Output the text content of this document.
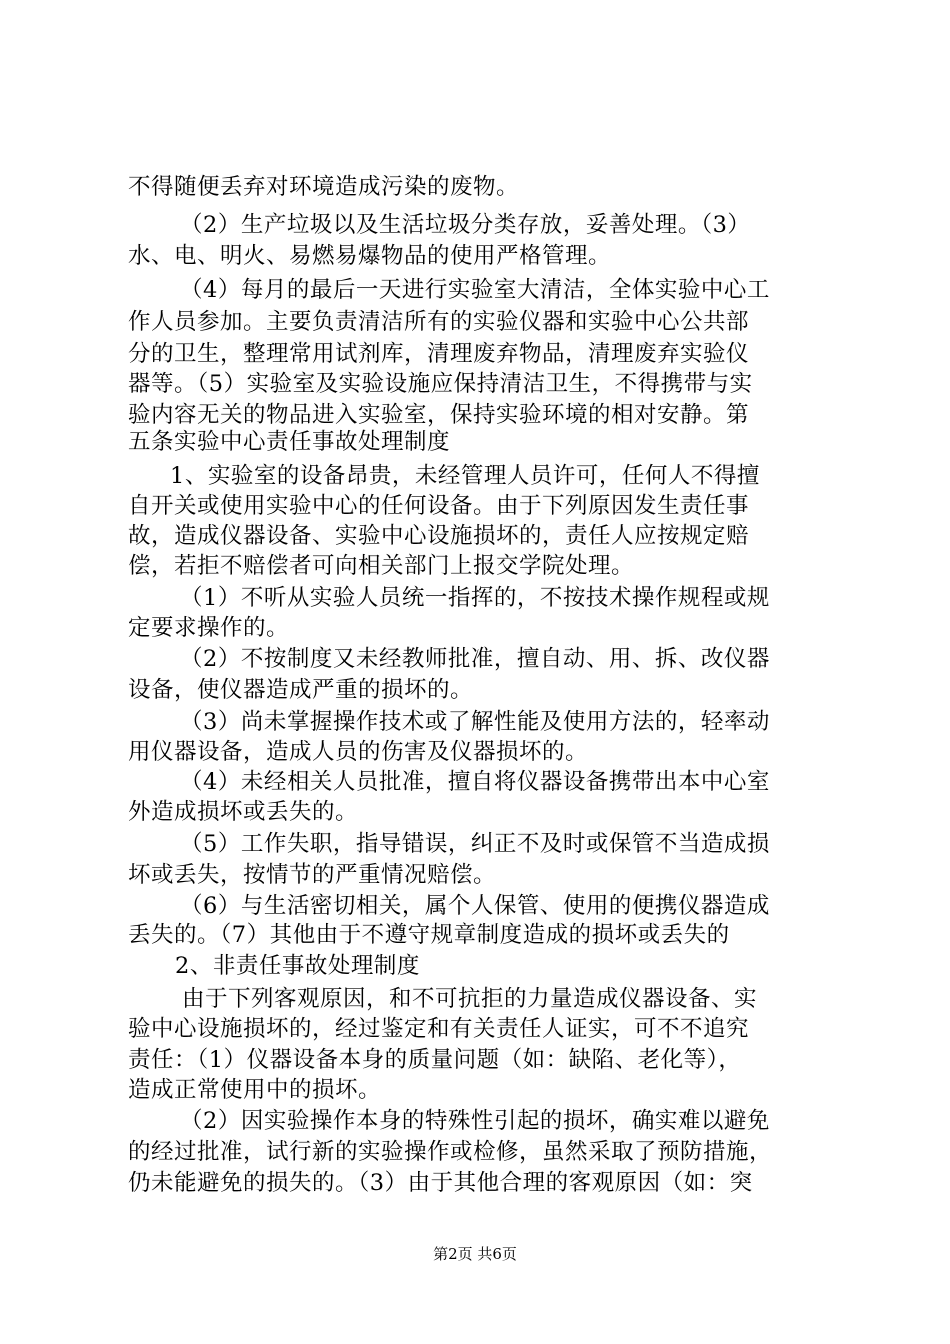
不得随便丢弃对环境造成污染的废物。
（2）生产垃圾以及生活垃圾分类存放，妥善处理。（3）
水、电、明火、易燃易爆物品的使用严格管理。
（4）每月的最后一天进行实验室大清洁，全体实验中心工
作人员参加。主要负责清洁所有的实验仪器和实验中心公共部
分的卫生，整理常用试剂库，清理废弃物品，清理废弃实验仪
器等。（5）实验室及实验设施应保持清洁卫生，不得携带与实
验内容无关的物品进入实验室，保持实验环境的相对安静。第
五条实验中心责任事故处理制度
1、实验室的设备昂贵，未经管理人员许可，任何人不得擅
自开关或使用实验中心的任何设备。由于下列原因发生责任事
故，造成仪器设备、实验中心设施损坏的，责任人应按规定赔
偿，若拒不赔偿者可向相关部门上报交学院处理。
（1）不听从实验人员统一指挥的，不按技术操作规程或规
定要求操作的。
（2）不按制度又未经教师批准，擅自动、用、拆、改仪器
设备，使仪器造成严重的损坏的。
（3）尚未掌握操作技术或了解性能及使用方法的，轻率动
用仪器设备，造成人员的伤害及仪器损坏的。
（4）未经相关人员批准，擅自将仪器设备携带出本中心室
外造成损坏或丢失的。
（5）工作失职，指导错误，纠正不及时或保管不当造成损
坏或丢失，按情节的严重情况赔偿。
（6）与生活密切相关，属个人保管、使用的便携仪器造成
丢失的。（7）其他由于不遵守规章制度造成的损坏或丢失的
2、非责任事故处理制度
由于下列客观原因，和不可抗拒的力量造成仪器设备、实
验中心设施损坏的，经过鉴定和有关责任人证实，可不不追究
责任：（1）仪器设备本身的质量问题（如：缺陷、老化等），
造成正常使用中的损坏。
（2）因实验操作本身的特殊性引起的损坏，确实难以避免
的经过批准，试行新的实验操作或检修，虽然采取了预防措施，
仍未能避免的损失的。（3）由于其他合理的客观原因（如：突
第2页 共6页
